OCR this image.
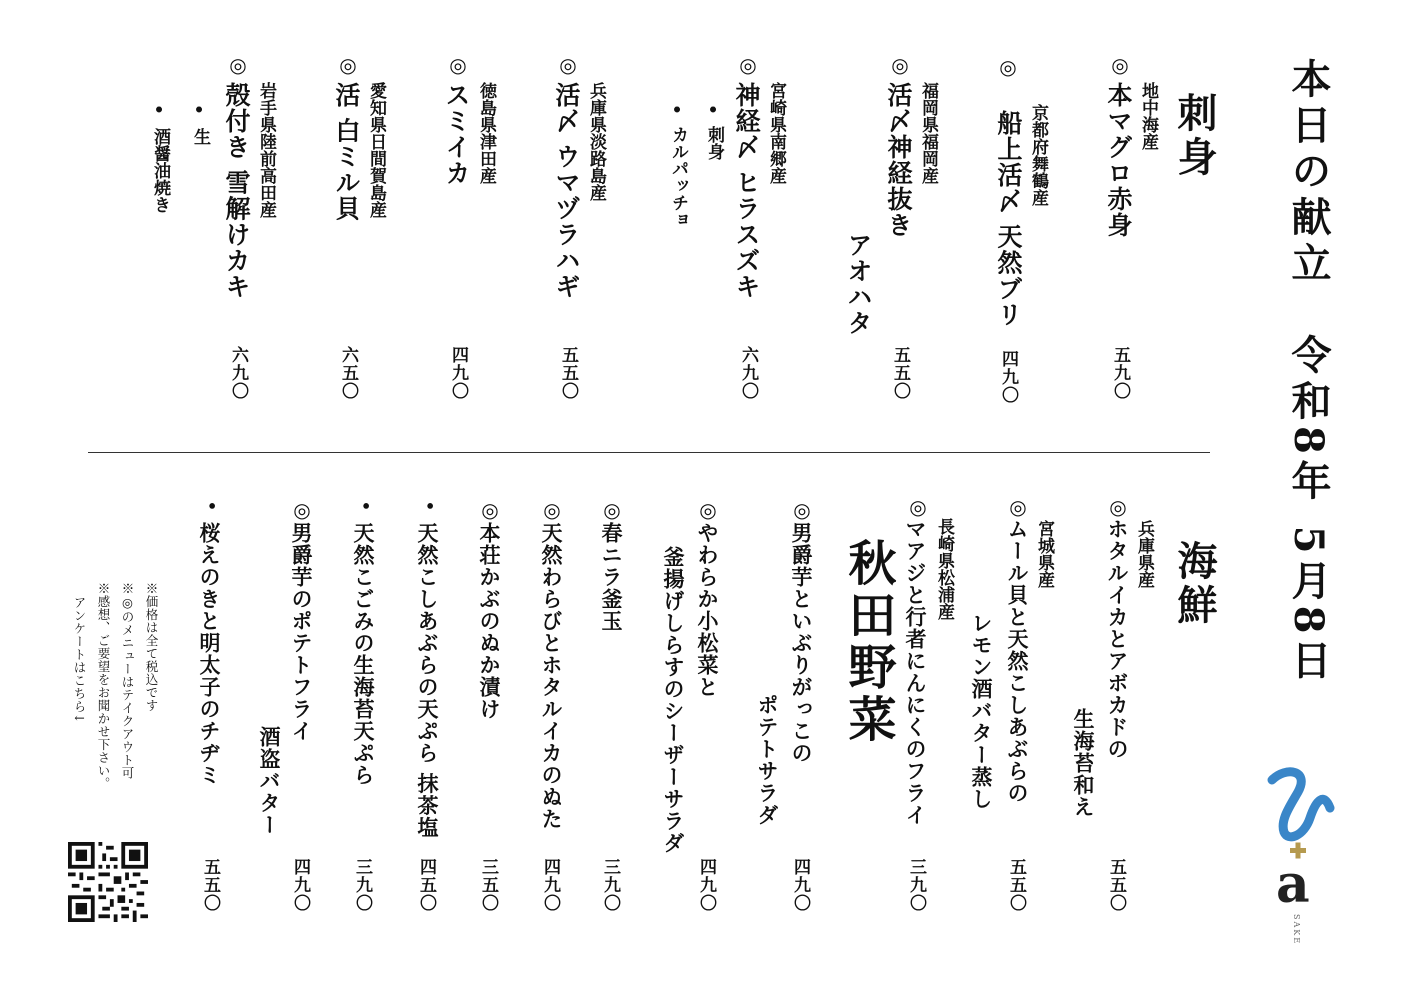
本日の献立　令和8年 5月8日
刺身
海鮮
秋田野菜
◎
地中海産
本マグロ赤身
五九〇
◎
京都府舞鶴産
船上活〆 天然ブリ
四九〇
◎
福岡県福岡産
活〆神経抜き
アオハタ
五五〇
◎
宮崎県南郷産
神経〆 ヒラスズキ
•
刺身
•
カルパッチョ
六九〇
◎
兵庫県淡路島産
活〆 ウマヅラハギ
五五〇
◎
徳島県津田産
スミイカ
四九〇
◎
愛知県日間賀島産
活 白ミル貝
六五〇
◎
岩手県陸前高田産
殻付き 雪解けカキ
•
生
•
酒醤油焼き
六九〇
◎
兵庫県産
ホタルイカとアボカドの
生海苔和え
五五〇
◎
宮城県産
ムール貝と天然こしあぶらの
レモン酒バター蒸し
五五〇
◎
長崎県松浦産
マアジと行者にんにくのフライ
三九〇
◎
男爵芋といぶりがっこの
ポテトサラダ
四九〇
◎
やわらか小松菜と
釜揚げしらすのシーザーサラダ
四九〇
◎
春ニラ釜玉
三九〇
◎
天然わらびとホタルイカのぬた
四九〇
◎
本荘かぶのぬか漬け
三五〇
•
天然こしあぶらの天ぷら 抹茶塩
四五〇
•
天然こごみの生海苔天ぷら
三九〇
◎
男爵芋のポテトフライ
酒盗バター
四九〇
•
桜えのきと明太子のチヂミ
五五〇
※価格は全て税込です
※◎のメニューはテイクアウト可
※感想、ご要望をお聞かせ下さい。
アンケートはこちら↓
a
SAKE
